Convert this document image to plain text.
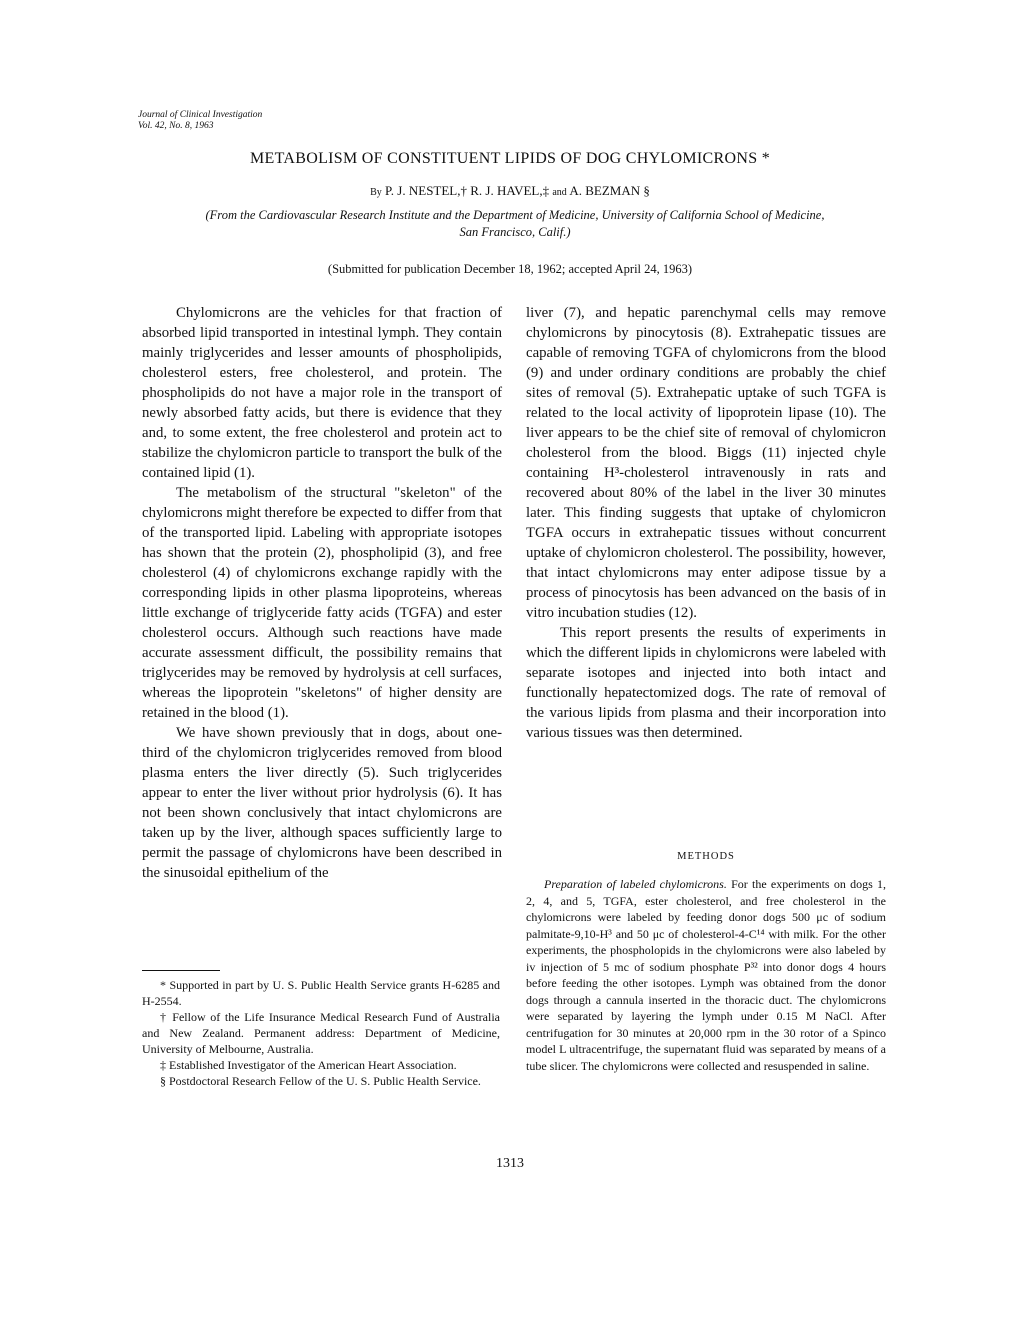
Journal of Clinical Investigation
Vol. 42, No. 8, 1963
METABOLISM OF CONSTITUENT LIPIDS OF DOG CHYLOMICRONS *
By P. J. NESTEL,† R. J. HAVEL,‡ and A. BEZMAN §
(From the Cardiovascular Research Institute and the Department of Medicine, University of California School of Medicine, San Francisco, Calif.)
(Submitted for publication December 18, 1962; accepted April 24, 1963)

Chylomicrons are the vehicles for that fraction of absorbed lipid transported in intestinal lymph. They contain mainly triglycerides and lesser amounts of phospholipids, cholesterol esters, free cholesterol, and protein. The phospholipids do not have a major role in the transport of newly absorbed fatty acids, but there is evidence that they and, to some extent, the free cholesterol and protein act to stabilize the chylomicron particle to transport the bulk of the contained lipid (1).

The metabolism of the structural "skeleton" of the chylomicrons might therefore be expected to differ from that of the transported lipid. Labeling with appropriate isotopes has shown that the protein (2), phospholipid (3), and free cholesterol (4) of chylomicrons exchange rapidly with the corresponding lipids in other plasma lipoproteins, whereas little exchange of triglyceride fatty acids (TGFA) and ester cholesterol occurs. Although such reactions have made accurate assessment difficult, the possibility remains that triglycerides may be removed by hydrolysis at cell surfaces, whereas the lipoprotein "skeletons" of higher density are retained in the blood (1).

We have shown previously that in dogs, about one-third of the chylomicron triglycerides removed from blood plasma enters the liver directly (5). Such triglycerides appear to enter the liver without prior hydrolysis (6). It has not been shown conclusively that intact chylomicrons are taken up by the liver, although spaces sufficiently large to permit the passage of chylomicrons have been described in the sinusoidal epithelium of the

* Supported in part by U. S. Public Health Service grants H-6285 and H-2554.

† Fellow of the Life Insurance Medical Research Fund of Australia and New Zealand. Permanent address: Department of Medicine, University of Melbourne, Australia.

‡ Established Investigator of the American Heart Association.

§ Postdoctoral Research Fellow of the U. S. Public Health Service.

liver (7), and hepatic parenchymal cells may remove chylomicrons by pinocytosis (8). Extrahepatic tissues are capable of removing TGFA of chylomicrons from the blood (9) and under ordinary conditions are probably the chief sites of removal (5). Extrahepatic uptake of such TGFA is related to the local activity of lipoprotein lipase (10). The liver appears to be the chief site of removal of chylomicron cholesterol from the blood. Biggs (11) injected chyle containing H³-cholesterol intravenously in rats and recovered about 80% of the label in the liver 30 minutes later. This finding suggests that uptake of chylomicron TGFA occurs in extrahepatic tissues without concurrent uptake of chylomicron cholesterol. The possibility, however, that intact chylomicrons may enter adipose tissue by a process of pinocytosis has been advanced on the basis of in vitro incubation studies (12).

This report presents the results of experiments in which the different lipids in chylomicrons were labeled with separate isotopes and injected into both intact and functionally hepatectomized dogs. The rate of removal of the various lipids from plasma and their incorporation into various tissues was then determined.

METHODS

Preparation of labeled chylomicrons. For the experiments on dogs 1, 2, 4, and 5, TGFA, ester cholesterol, and free cholesterol in the chylomicrons were labeled by feeding donor dogs 500 μc of sodium palmitate-9,10-H³ and 50 μc of cholesterol-4-C¹⁴ with milk. For the other experiments, the phospholopids in the chylomicrons were also labeled by iv injection of 5 mc of sodium phosphate P³² into donor dogs 4 hours before feeding the other isotopes. Lymph was obtained from the donor dogs through a cannula inserted in the thoracic duct. The chylomicrons were separated by layering the lymph under 0.15 M NaCl. After centrifugation for 30 minutes at 20,000 rpm in the 30 rotor of a Spinco model L ultracentrifuge, the supernatant fluid was separated by means of a tube slicer. The chylomicrons were collected and resuspended in saline.

1313
